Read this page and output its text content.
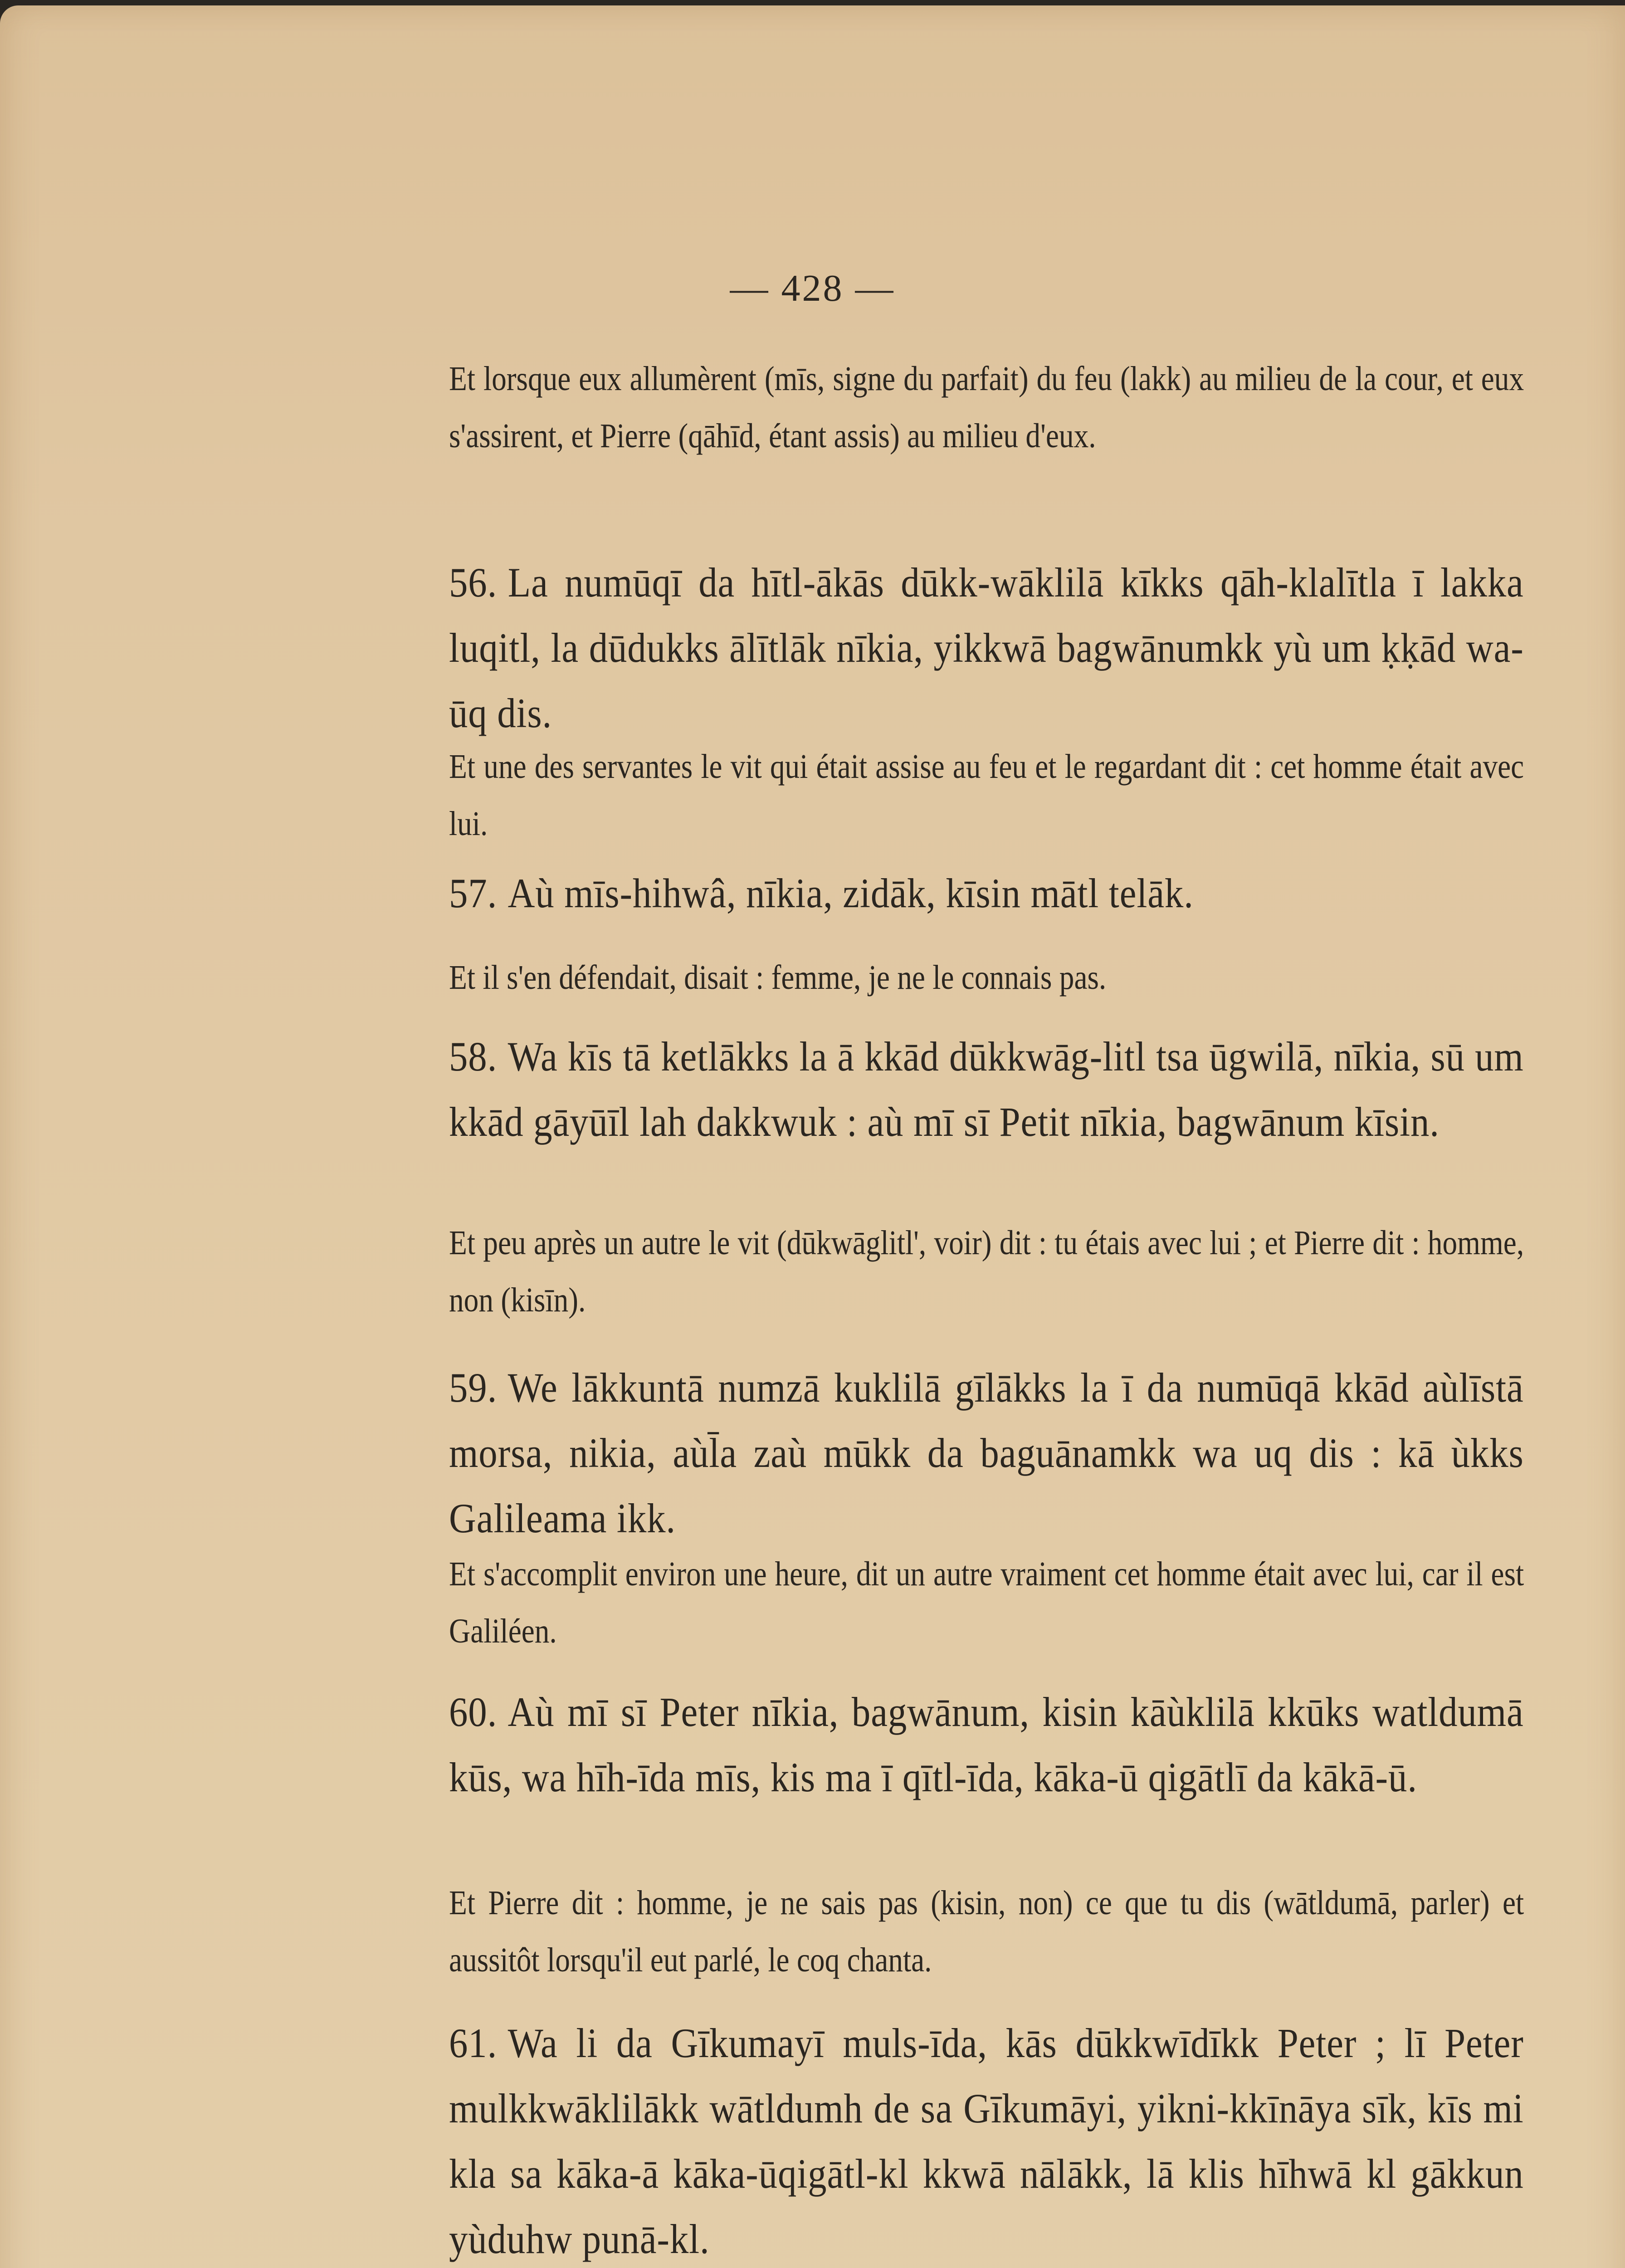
— 428 —
Et lorsque eux allumèrent (mīs, signe du parfait) du feu (lakk) au milieu de la cour, et eux s'assirent, et Pierre (qāhīd, étant assis) au milieu d'eux.
56. La numūqī da hītl-ākās dūkk-wāklilā kīkks qāh-klalītla ī lakka luqitl, la dūdukks ālītlāk nīkia, yikkwā bagwānumkk yù um ḳḳād wa-ūq dis.
Et une des servantes le vit qui était assise au feu et le regardant dit : cet homme était avec lui.
57. Aù mīs-hihwâ, nīkia, zidāk, kīsin mātl telāk.
Et il s'en défendait, disait : femme, je ne le connais pas.
58. Wa kīs tā ketlākks la ā kkād dūkkwāg-litl tsa ūgwilā, nīkia, sū um kkād gāyūīl lah dakkwuk : aù mī sī Petit nīkia, bagwānum kīsin.
Et peu après un autre le vit (dūkwāglitl', voir) dit : tu étais avec lui ; et Pierre dit : homme, non (kisīn).
59. We lākkuntā numzā kuklilā gīlākks la ī da numūqā kkād aùlīstā morsa, nikia, aùl̄a zaù mūkk da baguānamkk wa uq dis : kā ùkks Galileama ikk.
Et s'accomplit environ une heure, dit un autre vraiment cet homme était avec lui, car il est Galiléen.
60. Aù mī sī Peter nīkia, bagwānum, kisin kāùklilā kkūks watldumā kūs, wa hīh-īda mīs, kis ma ī qītl-īda, kāka-ū qigātlī da kākā-ū.
Et Pierre dit : homme, je ne sais pas (kisin, non) ce que tu dis (wātldumā, parler) et aussitôt lorsqu'il eut parlé, le coq chanta.
61. Wa li da Gīkumayī muls-īda, kās dūkkwīdīkk Peter ; lī Peter mulkkwāklilākk wātldumh de sa Gīkumāyi, yikni-kkīnāya sīk, kīs mi kla sa kāka-ā kāka-ūqigātl-kl kkwā nālākk, lā klis hīhwā kl gākkun yùduhw punā-kl.
